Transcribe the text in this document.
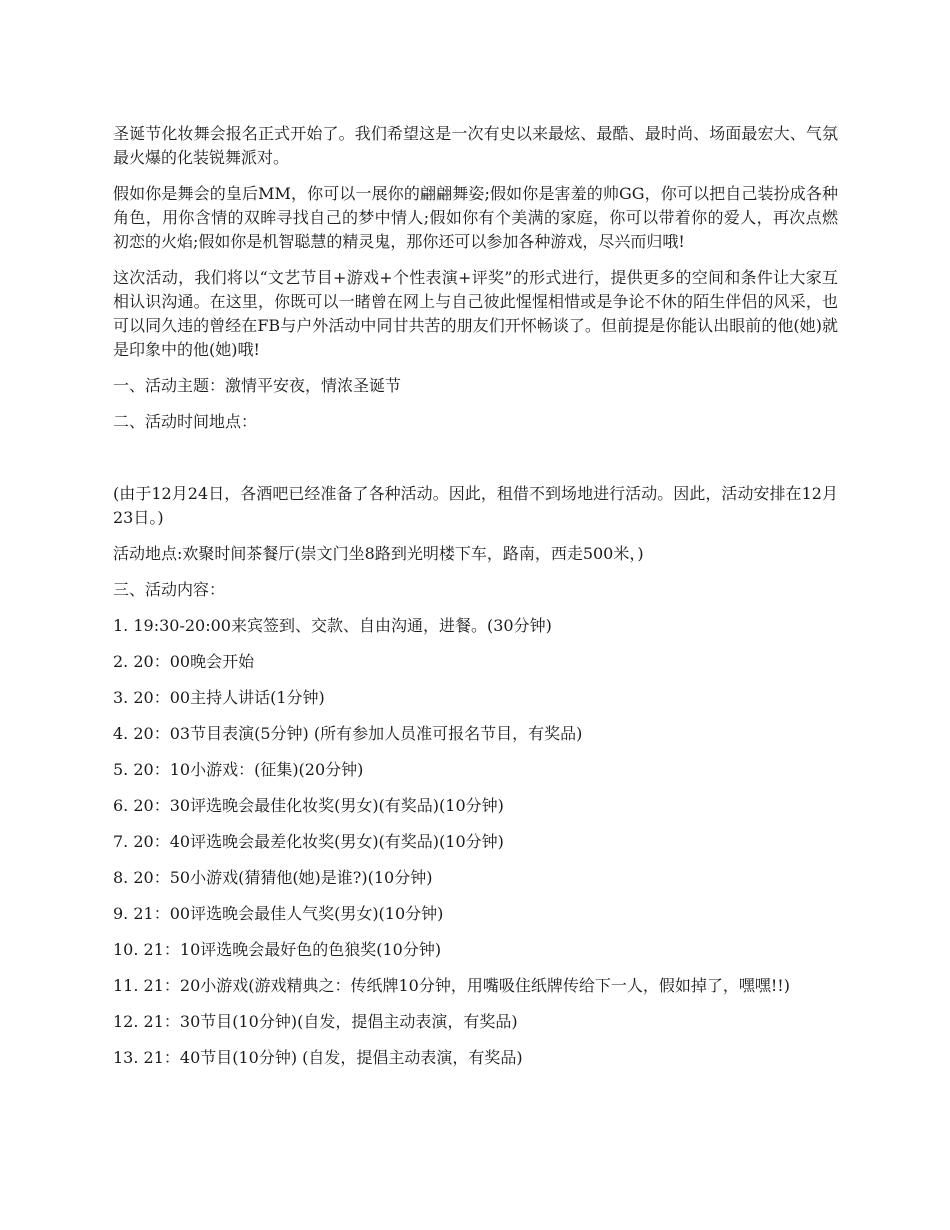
圣诞节化妆舞会报名正式开始了。我们希望这是一次有史以来最炫、最酷、最时尚、场面最宏大、气氛最火爆的化装锐舞派对。

假如你是舞会的皇后MM，你可以一展你的翩翩舞姿;假如你是害羞的帅GG，你可以把自己装扮成各种角色，用你含情的双眸寻找自己的梦中情人;假如你有个美满的家庭，你可以带着你的爱人，再次点燃初恋的火焰;假如你是机智聪慧的精灵鬼，那你还可以参加各种游戏，尽兴而归哦!

这次活动，我们将以“文艺节目+游戏+个性表演+评奖”的形式进行，提供更多的空间和条件让大家互相认识沟通。在这里，你既可以一睹曾在网上与自己彼此惺惺相惜或是争论不休的陌生伴侣的风采，也可以同久违的曾经在FB与户外活动中同甘共苦的朋友们开怀畅谈了。但前提是你能认出眼前的他(她)就是印象中的他(她)哦!

一、活动主题：激情平安夜，情浓圣诞节

二、活动时间地点：

(由于12月24日，各酒吧已经准备了各种活动。因此，租借不到场地进行活动。因此，活动安排在12月23日。)

活动地点:欢聚时间茶餐厅(崇文门坐8路到光明楼下车，路南，西走500米，)

三、活动内容：

1. 19:30-20:00来宾签到、交款、自由沟通，进餐。(30分钟)

2. 20：00晚会开始

3. 20：00主持人讲话(1分钟)

4. 20：03节目表演(5分钟) (所有参加人员准可报名节目，有奖品)

5. 20：10小游戏：(征集)(20分钟)

6. 20：30评选晚会最佳化妆奖(男女)(有奖品)(10分钟)

7. 20：40评选晚会最差化妆奖(男女)(有奖品)(10分钟)

8. 20：50小游戏(猜猜他(她)是谁?)(10分钟)

9. 21：00评选晚会最佳人气奖(男女)(10分钟)

10. 21：10评选晚会最好色的色狼奖(10分钟)

11. 21：20小游戏(游戏精典之：传纸牌10分钟，用嘴吸住纸牌传给下一人，假如掉了，嘿嘿!!)

12. 21：30节目(10分钟)(自发，提倡主动表演，有奖品)

13. 21：40节目(10分钟) (自发，提倡主动表演，有奖品)
